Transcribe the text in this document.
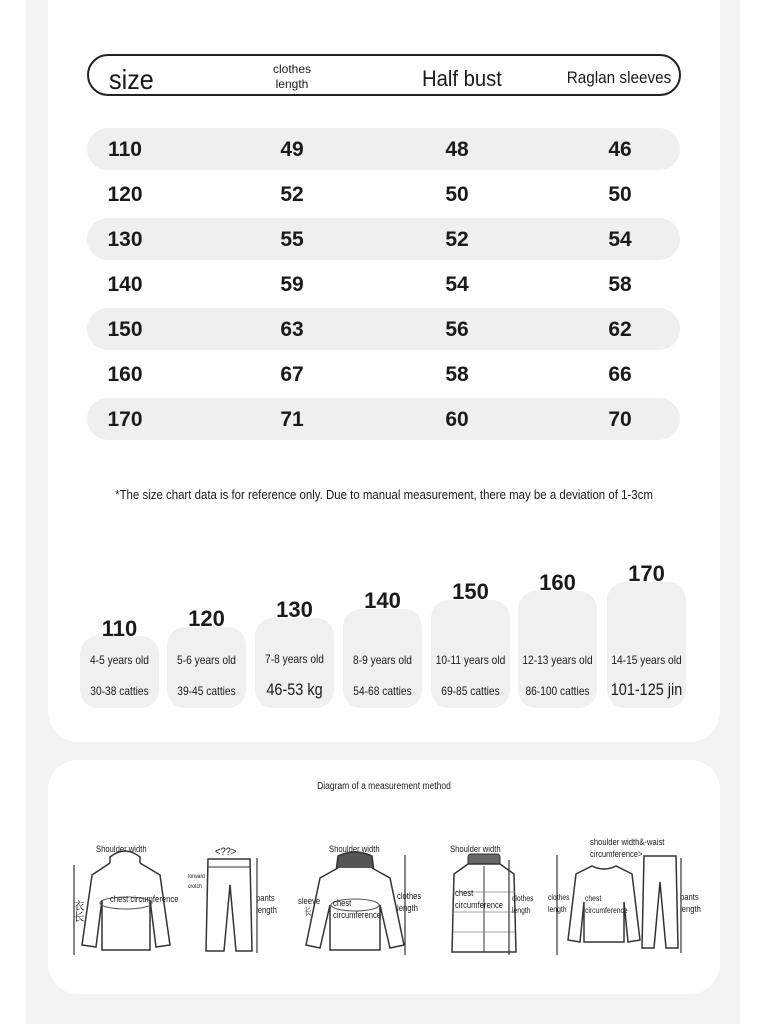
size	clothes length	Half bust	Raglan sleeves
110	49	48	46
120	52	50	50
130	55	52	54
140	59	54	58
150	63	56	62
160	67	58	66
170	71	60	70
*The size chart data is for reference only. Due to manual measurement, there may be a deviation of 1-3cm
110
4-5 years old
30-38 catties
120
5-6 years old
39-45 catties
130
7-8 years old
46-53 kg
140
8-9 years old
54-68 catties
150
10-11 years old
69-85 catties
160
12-13 years old
86-100 catties
170
14-15 years old
101-125 jin
Diagram of a measurement method
Shoulder width
chest circumference
衣长
<??>
forward
crotch
pants length
Shoulder width
sleeve
长
chest circumference
clothes length
Shoulder width
chest circumference
clothes length
shoulder width&-waist circumference>
chest circumference
clothes length
pants length
